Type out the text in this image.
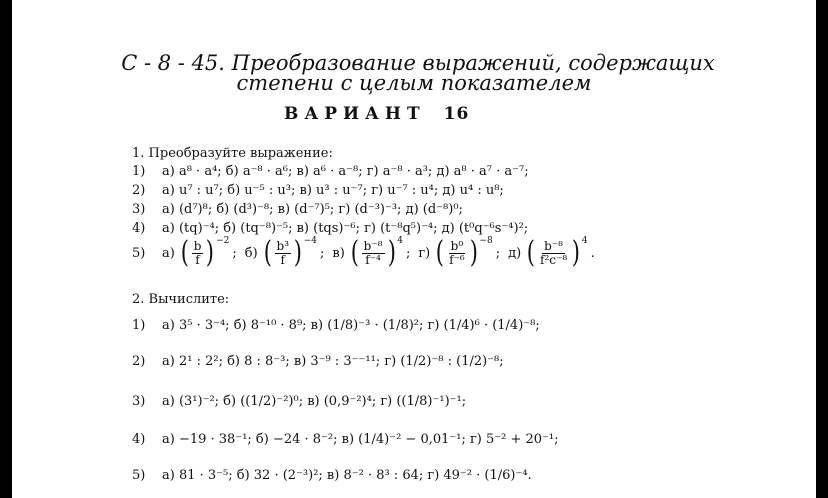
С - 8 - 45. Преобразование выражений, содержащих
степени с целым показателем
ВАРИАНТ 16
1. Преобразуйте выражение:
1)	а) a⁸ · a⁴; б) a⁻⁸ · a⁶; в) a⁶ · a⁻⁸; г) a⁻⁸ · a³; д) a⁸ · a⁷ · a⁻⁷;
2)	а) u⁷ : u⁷; б) u⁻⁵ : u³; в) u³ : u⁻⁷; г) u⁻⁷ : u⁴; д) u⁴ : u⁸;
3)	а) (d⁷)⁸; б) (d³)⁻⁸; в) (d⁻⁷)⁵; г) (d⁻³)⁻³; д) (d⁻⁸)⁰;
4)	а) (tq)⁻⁴; б) (tq⁻⁸)⁻⁵; в) (tqs)⁻⁶; г) (t⁻⁸q⁵)⁻⁴; д) (t⁰q⁻⁶s⁻⁴)²;
5)	а)
( $\frac{b}{f}$ ) −2
; б)
( $\frac{\text{b³}}{f}$ ) −4
; в)
( $\frac{\text{b⁻⁸}}{\text{f⁻⁴}}$ ) 4
; г)
( $\frac{\text{b⁰}}{\text{f⁻⁶}}$ ) −8
; д)
( $\frac{\text{b⁻⁸}}{\text{f²c⁻⁸}}$ ) 4
.
2. Вычислите:
1)	а) 3⁵ · 3⁻⁴; б) 8⁻¹⁰ · 8⁹; в) (1/8)⁻³ · (1/8)²; г) (1/4)⁶ · (1/4)⁻⁸;
2)	а) 2¹ : 2²; б) 8 : 8⁻³; в) 3⁻⁹ : 3⁻⁻¹¹; г) (1/2)⁻⁸ : (1/2)⁻⁸;
3)	а) (3¹)⁻²; б) ((1/2)⁻²)⁰; в) (0,9⁻²)⁴; г) ((1/8)⁻¹)⁻¹;
4)	а) −19 · 38⁻¹; б) −24 · 8⁻²; в) (1/4)⁻² − 0,01⁻¹; г) 5⁻² + 20⁻¹;
5)	а) 81 · 3⁻⁵; б) 32 · (2⁻³)²; в) 8⁻² · 8³ : 64; г) 49⁻² · (1/6)⁻⁴.
